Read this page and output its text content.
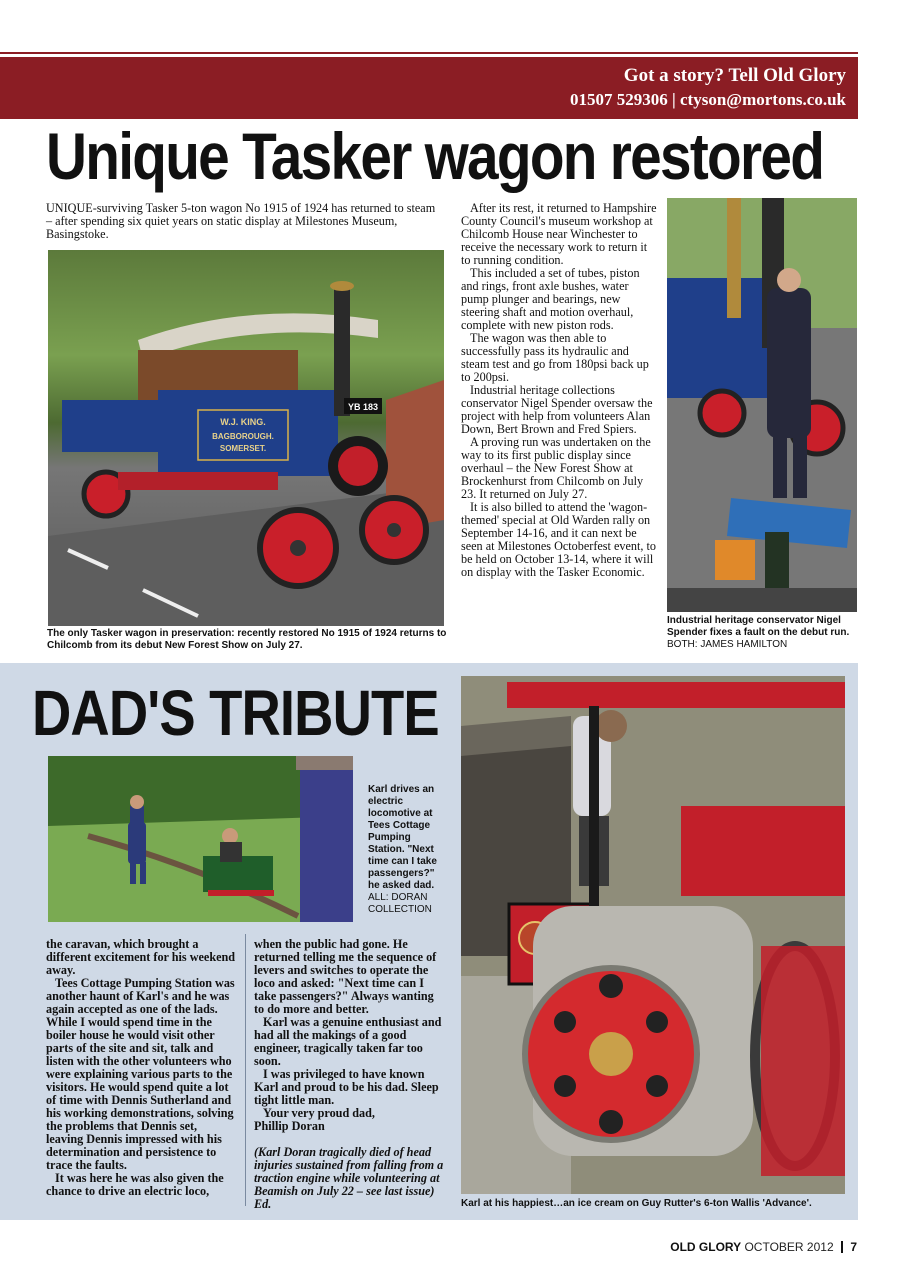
Got a story? Tell Old Glory
01507 529306 | ctyson@mortons.co.uk
Unique Tasker wagon restored

UNIQUE-surviving Tasker 5-ton wagon No 1915 of 1924 has returned to steam – after spending six quiet years on static display at Milestones Museum, Basingstoke.

W.J. KING.
BAGBOROUGH.
SOMERSET.
YB 183
The only Tasker wagon in preservation: recently restored No 1915 of 1924 returns to Chilcomb from its debut New Forest Show on July 27.

After its rest, it returned to Hampshire County Council's museum workshop at Chilcomb House near Winchester to receive the necessary work to return it to running condition.

This included a set of tubes, piston and rings, front axle bushes, water pump plunger and bearings, new steering shaft and motion overhaul, complete with new piston rods.

The wagon was then able to successfully pass its hydraulic and steam test and go from 180psi back up to 200psi.

Industrial heritage collections conservator Nigel Spender oversaw the project with help from volunteers Alan Down, Bert Brown and Fred Spiers.

A proving run was undertaken on the way to its first public display since overhaul – the New Forest Show at Brockenhurst from Chilcomb on July 23. It returned on July 27.

It is also billed to attend the 'wagon-themed' special at Old Warden rally on September 14-16, and it can next be seen at Milestones Octoberfest event, to be held on October 13-14, where it will on display with the Tasker Economic.

Industrial heritage conservator Nigel Spender fixes a fault on the debut run.
BOTH: JAMES HAMILTON
DAD'S TRIBUTE
Karl drives an electric locomotive at Tees Cottage Pumping Station. "Next time can I take passengers?" he asked dad.
ALL: DORAN COLLECTION
Karl at his happiest…an ice cream on Guy Rutter's 6-ton Wallis 'Advance'.

the caravan, which brought a different excitement for his weekend away.

Tees Cottage Pumping Station was another haunt of Karl's and he was again accepted as one of the lads. While I would spend time in the boiler house he would visit other parts of the site and sit, talk and listen with the other volunteers who were explaining various parts to the visitors. He would spend quite a lot of time with Dennis Sutherland and his working demonstrations, solving the problems that Dennis set, leaving Dennis impressed with his determination and persistence to trace the faults.

It was here he was also given the chance to drive an electric loco,

when the public had gone. He returned telling me the sequence of levers and switches to operate the loco and asked: "Next time can I take passengers?" Always wanting to do more and better.

Karl was a genuine enthusiast and had all the makings of a good engineer, tragically taken far too soon.

I was privileged to have known Karl and proud to be his dad. Sleep tight little man.

Your very proud dad,

Phillip Doran

(Karl Doran tragically died of head injuries sustained from falling from a traction engine while volunteering at Beamish on July 22 – see last issue) Ed.

OLD GLORY OCTOBER 2012 7
